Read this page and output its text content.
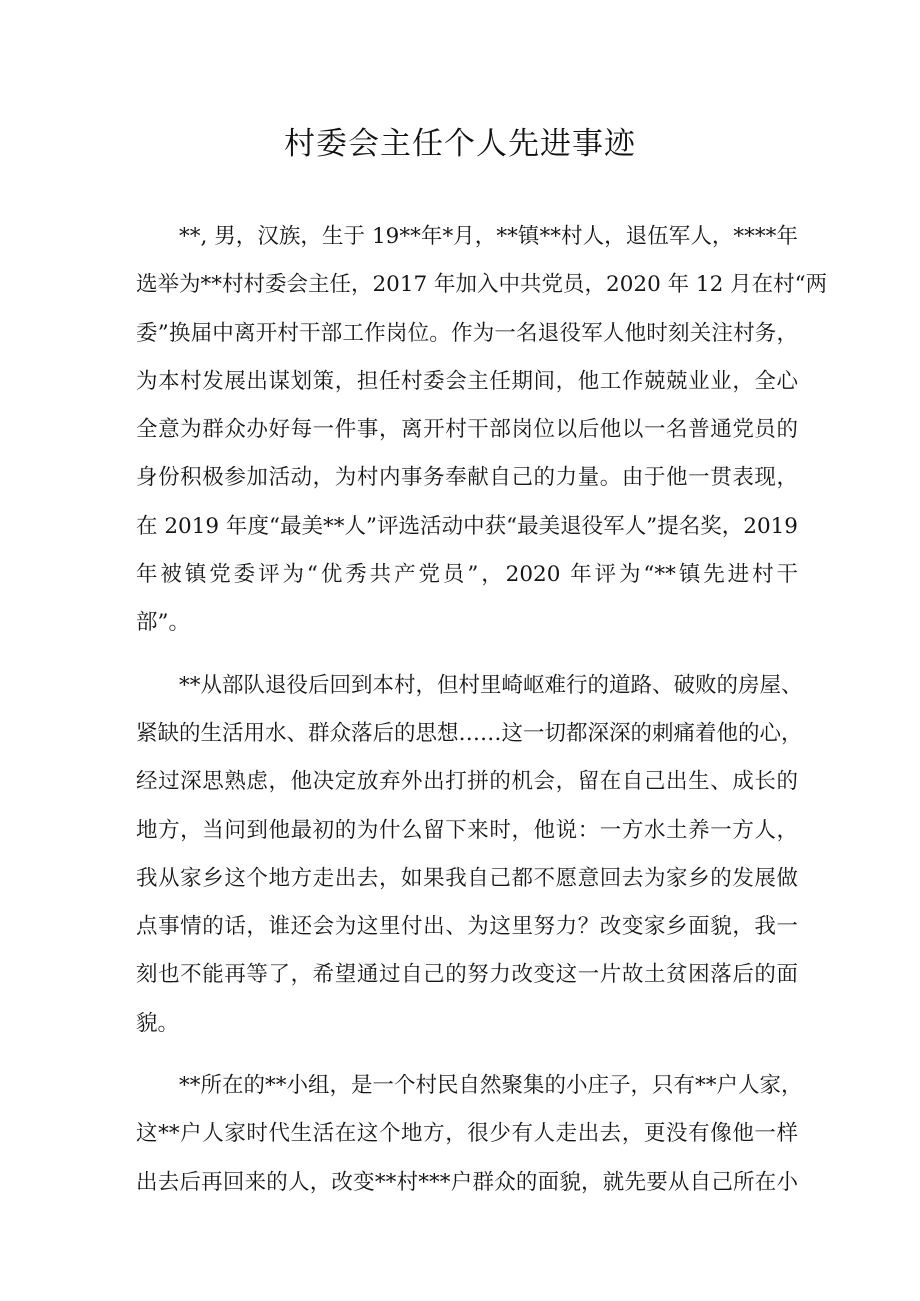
村委会主任个人先进事迹
**, 男，汉族，生于 19**年*月，**镇**村人，退伍军人，****年
选举为**村村委会主任，2017 年加入中共党员，2020 年 12 月在村“两
委”换届中离开村干部工作岗位。作为一名退役军人他时刻关注村务，
为本村发展出谋划策，担任村委会主任期间，他工作兢兢业业，全心
全意为群众办好每一件事，离开村干部岗位以后他以一名普通党员的
身份积极参加活动，为村内事务奉献自己的力量。由于他一贯表现，
在 2019 年度“最美**人”评选活动中获“最美退役军人”提名奖，2019
年被镇党委评为“优秀共产党员”，2020 年评为“**镇先进村干
部”。
**从部队退役后回到本村，但村里崎岖难行的道路、破败的房屋、
紧缺的生活用水、群众落后的思想……这一切都深深的刺痛着他的心，
经过深思熟虑，他决定放弃外出打拼的机会，留在自己出生、成长的
地方，当问到他最初的为什么留下来时，他说：一方水土养一方人，
我从家乡这个地方走出去，如果我自己都不愿意回去为家乡的发展做
点事情的话，谁还会为这里付出、为这里努力？改变家乡面貌，我一
刻也不能再等了，希望通过自己的努力改变这一片故土贫困落后的面
貌。
**所在的**小组，是一个村民自然聚集的小庄子，只有**户人家，
这**户人家时代生活在这个地方，很少有人走出去，更没有像他一样
出去后再回来的人，改变**村***户群众的面貌，就先要从自己所在小
